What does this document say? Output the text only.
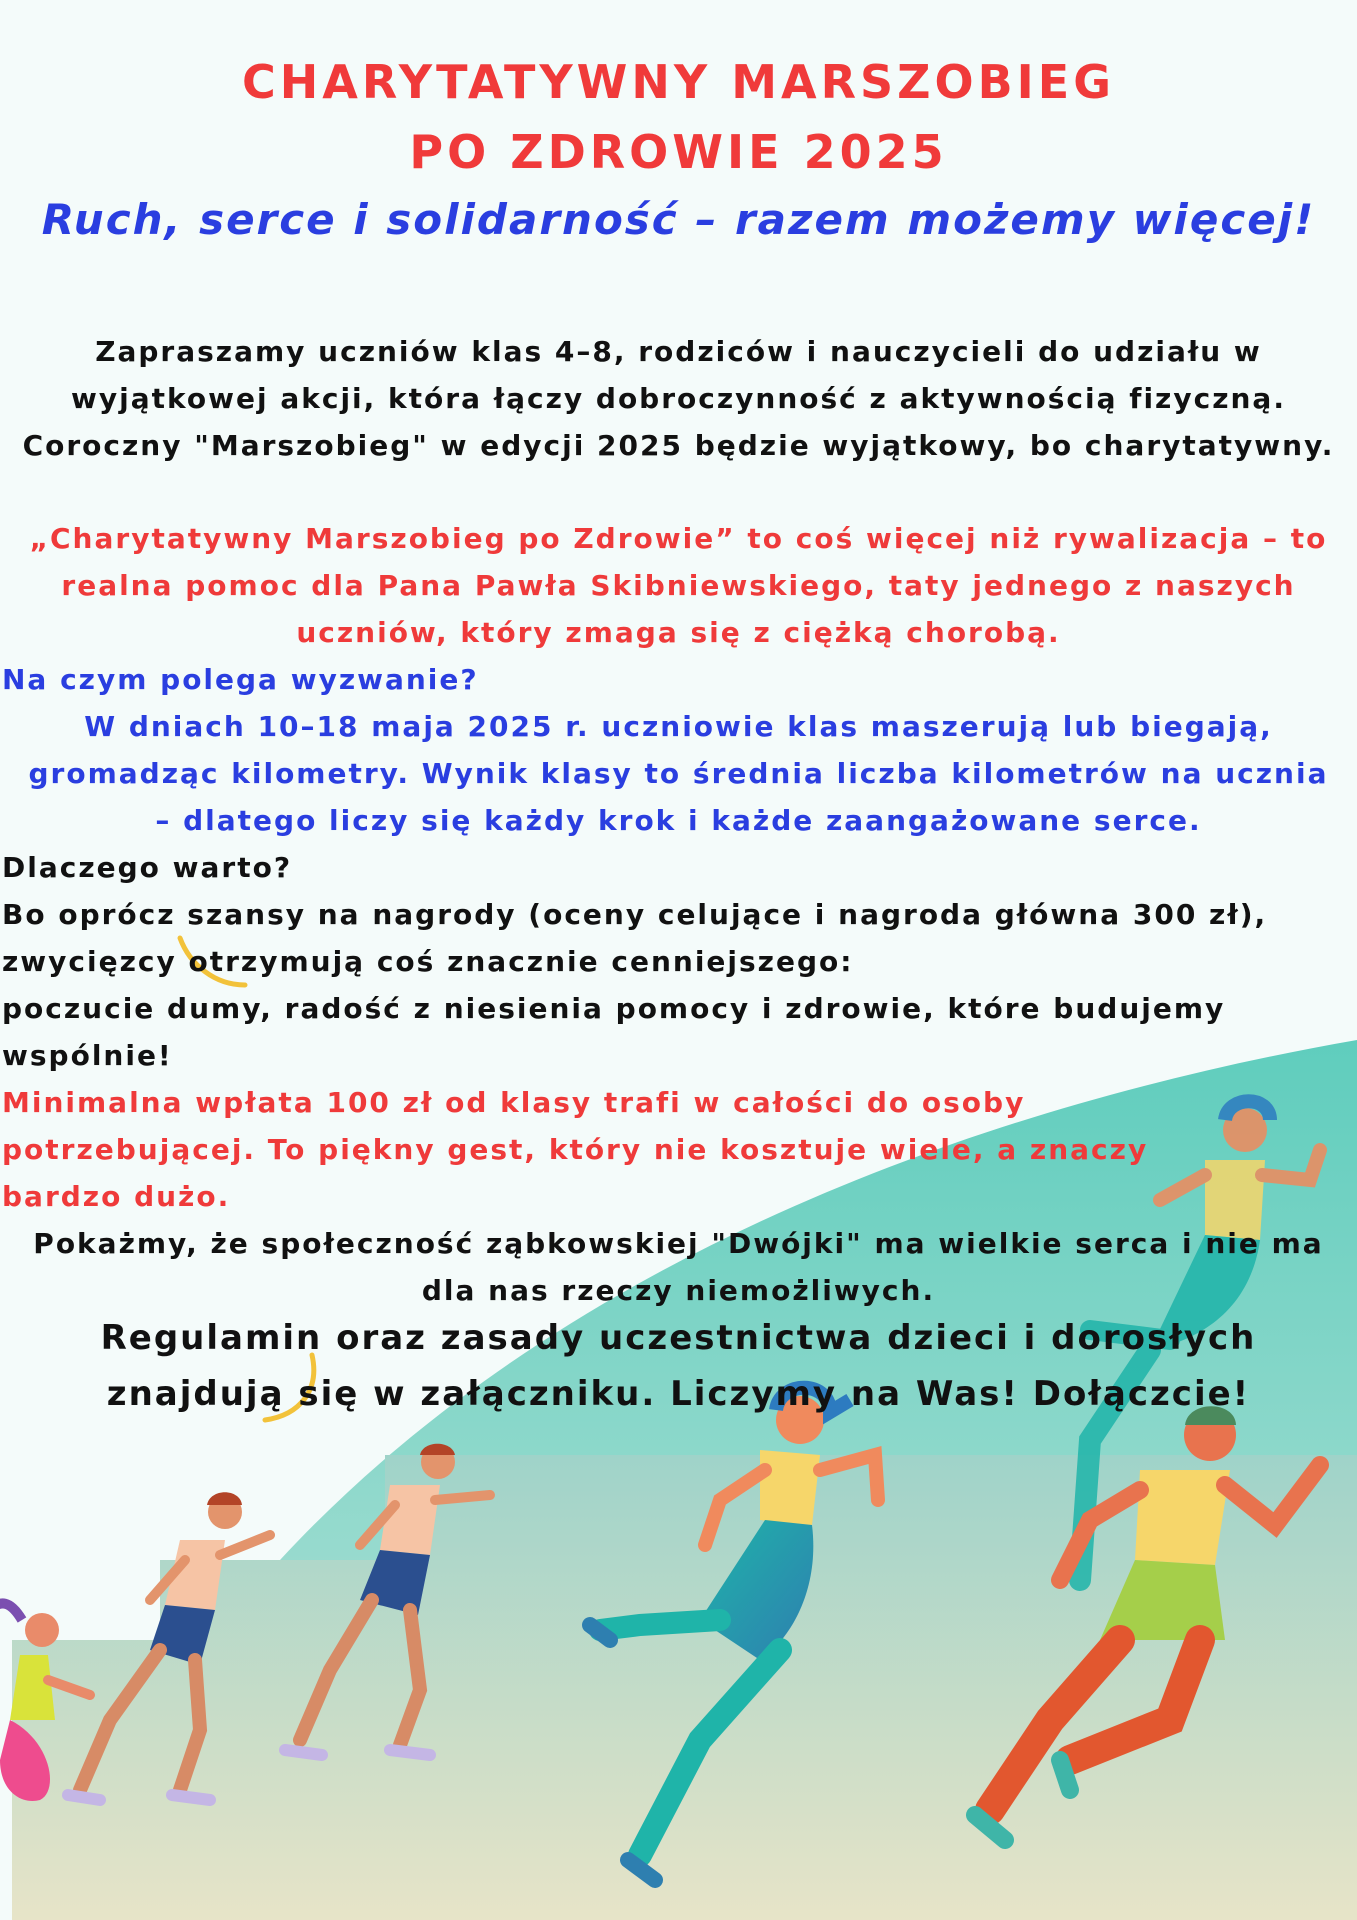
CHARYTATYWNY MARSZOBIEG
PO ZDROWIE 2025
Ruch, serce i solidarność – razem możemy więcej!
Zapraszamy uczniów klas 4–8, rodziców i nauczycieli do udziału w wyjątkowej akcji, która łączy dobroczynność z aktywnością fizyczną. Coroczny "Marszobieg" w edycji 2025 będzie wyjątkowy, bo charytatywny.
„Charytatywny Marszobieg po Zdrowie” to coś więcej niż rywalizacja – to realna pomoc dla Pana Pawła Skibniewskiego, taty jednego z naszych uczniów, który zmaga się z ciężką chorobą.
Na czym polega wyzwanie?
W dniach 10–18 maja 2025 r. uczniowie klas maszerują lub biegają, gromadząc kilometry. Wynik klasy to średnia liczba kilometrów na ucznia – dlatego liczy się każdy krok i każde zaangażowane serce.
Dlaczego warto?
Bo oprócz szansy na nagrody (oceny celujące i nagroda główna 300 zł), zwycięzcy otrzymują coś znacznie cenniejszego:
poczucie dumy, radość z niesienia pomocy i zdrowie, które budujemy wspólnie!
Minimalna wpłata 100 zł od klasy trafi w całości do osoby potrzebującej. To piękny gest, który nie kosztuje wiele, a znaczy bardzo dużo.
Pokażmy, że społeczność ząbkowskiej "Dwójki" ma wielkie serca i nie ma dla nas rzeczy niemożliwych.
Regulamin oraz zasady uczestnictwa dzieci i dorosłych znajdują się w załączniku. Liczymy na Was! Dołączcie!
